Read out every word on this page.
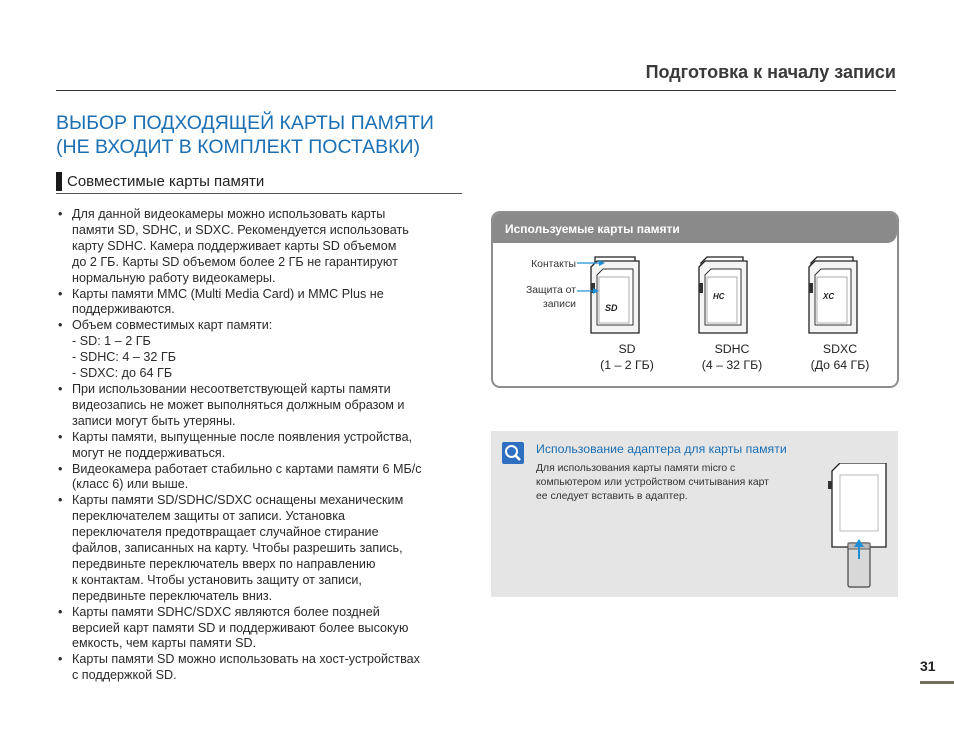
Подготовка к началу записи
ВЫБОР ПОДХОДЯЩЕЙ КАРТЫ ПАМЯТИ
(НЕ ВХОДИТ В КОМПЛЕКТ ПОСТАВКИ)
Совместимые карты памяти
• Для данной видеокамеры можно использовать карты
памяти SD, SDHC, и SDXC. Рекомендуется использовать
карту SDHC. Камера поддерживает карты SD объемом
до 2 ГБ. Карты SD объемом более 2 ГБ не гарантируют
нормальную работу видеокамеры.
• Карты памяти MMC (Multi Media Card) и MMC Plus не
поддерживаются.
• Объем совместимых карт памяти:
- SD: 1 – 2 ГБ
- SDHC: 4 – 32 ГБ
- SDXC: до 64 ГБ
• При использовании несоответствующей карты памяти
видеозапись не может выполняться должным образом и
записи могут быть утеряны.
• Карты памяти, выпущенные после появления устройства,
могут не поддерживаться.
• Видеокамера работает стабильно с картами памяти 6 МБ/с
(класс 6) или выше.
• Карты памяти SD/SDHC/SDXC оснащены механическим
переключателем защиты от записи. Установка
переключателя предотвращает случайное стирание
файлов, записанных на карту. Чтобы разрешить запись,
передвиньте переключатель вверх по направлению
к контактам. Чтобы установить защиту от записи,
передвиньте переключатель вниз.
• Карты памяти SDHC/SDXC являются более поздней
версией карт памяти SD и поддерживают более высокую
емкость, чем карты памяти SD.
• Карты памяти SD можно использовать на хост-устройствах
с поддержкой SD.
Используемые карты памяти
Контакты
Защита от
записи	SD
HC	XC
SD
(1 – 2 ГБ)
SDHC
(4 – 32 ГБ)
SDXC
(До 64 ГБ)
Использование адаптера для карты памяти
Для использования карты памяти micro с
компьютером или устройством считывания карт
ее следует вставить в адаптер.
31
